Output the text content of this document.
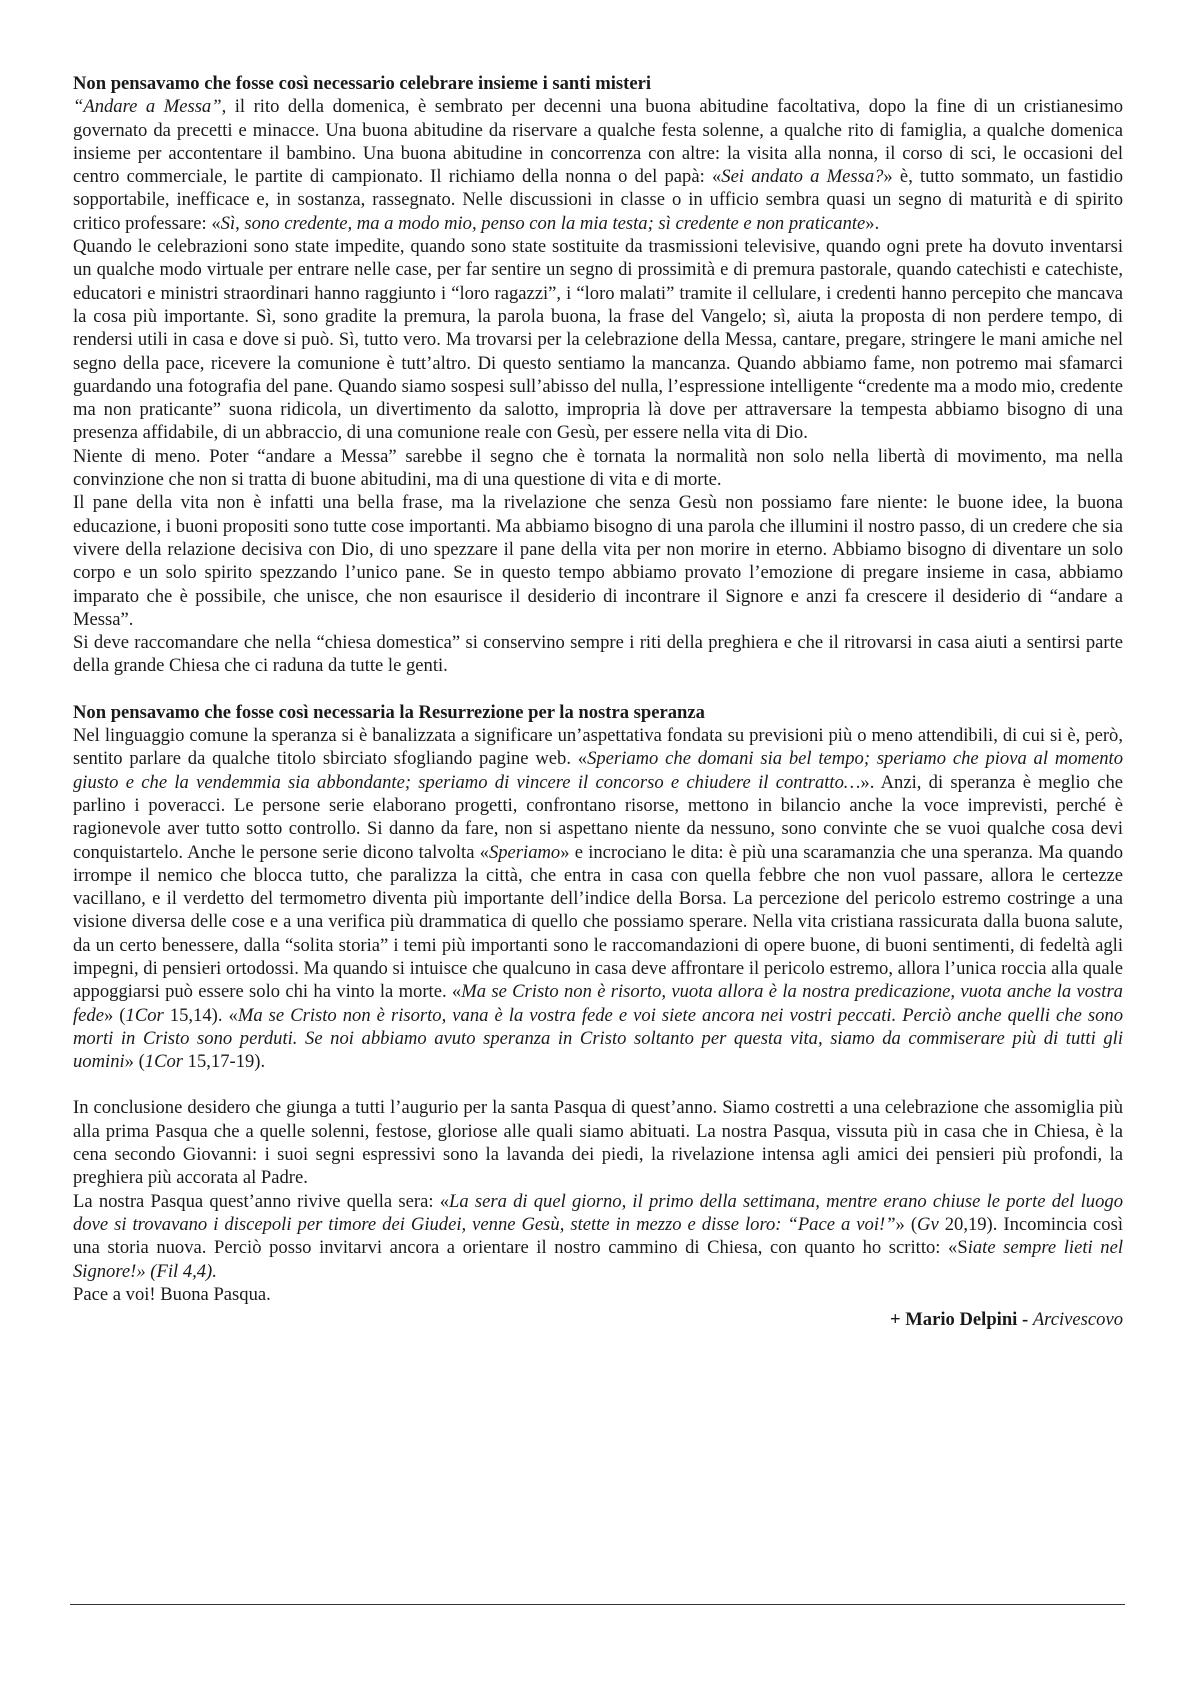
Non pensavamo che fosse così necessario celebrare insieme i santi misteri

“Andare a Messa”, il rito della domenica, è sembrato per decenni una buona abitudine facoltativa, dopo la fine di un cristianesimo governato da precetti e minacce. Una buona abitudine da riservare a qualche festa solenne, a qualche rito di famiglia, a qualche domenica insieme per accontentare il bambino. Una buona abitudine in concorrenza con altre: la visita alla nonna, il corso di sci, le occasioni del centro commerciale, le partite di campionato. Il richiamo della nonna o del papà: «Sei andato a Messa?» è, tutto sommato, un fastidio sopportabile, inefficace e, in sostanza, rassegnato. Nelle discussioni in classe o in ufficio sembra quasi un segno di maturità e di spirito critico professare: «Sì, sono credente, ma a modo mio, penso con la mia testa; sì credente e non praticante».

Quando le celebrazioni sono state impedite, quando sono state sostituite da trasmissioni televisive, quando ogni prete ha dovuto inventarsi un qualche modo virtuale per entrare nelle case, per far sentire un segno di prossimità e di premura pastorale, quando catechisti e catechiste, educatori e ministri straordinari hanno raggiunto i “loro ragazzi”, i “loro malati” tramite il cellulare, i credenti hanno percepito che mancava la cosa più importante. Sì, sono gradite la premura, la parola buona, la frase del Vangelo; sì, aiuta la proposta di non perdere tempo, di rendersi utili in casa e dove si può. Sì, tutto vero. Ma trovarsi per la celebrazione della Messa, cantare, pregare, stringere le mani amiche nel segno della pace, ricevere la comunione è tutt’altro. Di questo sentiamo la mancanza. Quando abbiamo fame, non potremo mai sfamarci guardando una fotografia del pane. Quando siamo sospesi sull’abisso del nulla, l’espressione intelligente “credente ma a modo mio, credente ma non praticante” suona ridicola, un divertimento da salotto, impropria là dove per attraversare la tempesta abbiamo bisogno di una presenza affidabile, di un abbraccio, di una comunione reale con Gesù, per essere nella vita di Dio.

Niente di meno. Poter “andare a Messa” sarebbe il segno che è tornata la normalità non solo nella libertà di movimento, ma nella convinzione che non si tratta di buone abitudini, ma di una questione di vita e di morte.

Il pane della vita non è infatti una bella frase, ma la rivelazione che senza Gesù non possiamo fare niente: le buone idee, la buona educazione, i buoni propositi sono tutte cose importanti. Ma abbiamo bisogno di una parola che illumini il nostro passo, di un credere che sia vivere della relazione decisiva con Dio, di uno spezzare il pane della vita per non morire in eterno. Abbiamo bisogno di diventare un solo corpo e un solo spirito spezzando l’unico pane. Se in questo tempo abbiamo provato l’emozione di pregare insieme in casa, abbiamo imparato che è possibile, che unisce, che non esaurisce il desiderio di incontrare il Signore e anzi fa crescere il desiderio di “andare a Messa”.

Si deve raccomandare che nella “chiesa domestica” si conservino sempre i riti della preghiera e che il ritrovarsi in casa aiuti a sentirsi parte della grande Chiesa che ci raduna da tutte le genti.

Non pensavamo che fosse così necessaria la Resurrezione per la nostra speranza

Nel linguaggio comune la speranza si è banalizzata a significare un’aspettativa fondata su previsioni più o meno attendibili, di cui si è, però, sentito parlare da qualche titolo sbirciato sfogliando pagine web. «Speriamo che domani sia bel tempo; speriamo che piova al momento giusto e che la vendemmia sia abbondante; speriamo di vincere il concorso e chiudere il contratto…». Anzi, di speranza è meglio che parlino i poveracci. Le persone serie elaborano progetti, confrontano risorse, mettono in bilancio anche la voce imprevisti, perché è ragionevole aver tutto sotto controllo. Si danno da fare, non si aspettano niente da nessuno, sono convinte che se vuoi qualche cosa devi conquistartelo. Anche le persone serie dicono talvolta «Speriamo» e incrociano le dita: è più una scaramanzia che una speranza. Ma quando irrompe il nemico che blocca tutto, che paralizza la città, che entra in casa con quella febbre che non vuol passare, allora le certezze vacillano, e il verdetto del termometro diventa più importante dell’indice della Borsa. La percezione del pericolo estremo costringe a una visione diversa delle cose e a una verifica più drammatica di quello che possiamo sperare. Nella vita cristiana rassicurata dalla buona salute, da un certo benessere, dalla “solita storia” i temi più importanti sono le raccomandazioni di opere buone, di buoni sentimenti, di fedeltà agli impegni, di pensieri ortodossi. Ma quando si intuisce che qualcuno in casa deve affrontare il pericolo estremo, allora l’unica roccia alla quale appoggiarsi può essere solo chi ha vinto la morte. «Ma se Cristo non è risorto, vuota allora è la nostra predicazione, vuota anche la vostra fede» (1Cor 15,14). «Ma se Cristo non è risorto, vana è la vostra fede e voi siete ancora nei vostri peccati. Perciò anche quelli che sono morti in Cristo sono perduti. Se noi abbiamo avuto speranza in Cristo soltanto per questa vita, siamo da commiserare più di tutti gli uomini» (1Cor 15,17-19).

In conclusione desidero che giunga a tutti l’augurio per la santa Pasqua di quest’anno. Siamo costretti a una celebrazione che assomiglia più alla prima Pasqua che a quelle solenni, festose, gloriose alle quali siamo abituati. La nostra Pasqua, vissuta più in casa che in Chiesa, è la cena secondo Giovanni: i suoi segni espressivi sono la lavanda dei piedi, la rivelazione intensa agli amici dei pensieri più profondi, la preghiera più accorata al Padre.

La nostra Pasqua quest’anno rivive quella sera: «La sera di quel giorno, il primo della settimana, mentre erano chiuse le porte del luogo dove si trovavano i discepoli per timore dei Giudei, venne Gesù, stette in mezzo e disse loro: “Pace a voi!”» (Gv 20,19). Incomincia così una storia nuova. Perciò posso invitarvi ancora a orientare il nostro cammino di Chiesa, con quanto ho scritto: «Siate sempre lieti nel Signore!» (Fil 4,4).

Pace a voi! Buona Pasqua.

+ Mario Delpini - Arcivescovo
